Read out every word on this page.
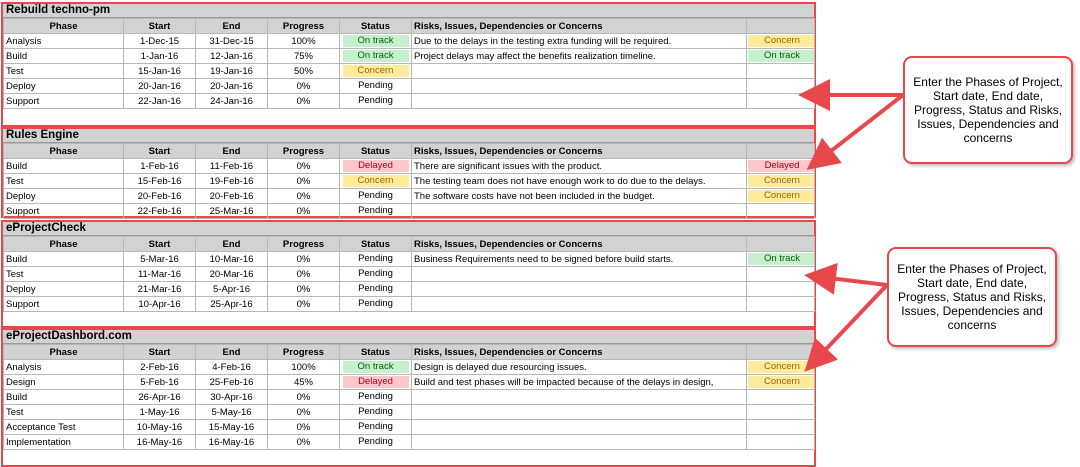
Rebuild techno-pm
Phase	Start	End	Progress	Status	Risks, Issues, Dependencies or Concerns	
Analysis	1-Dec-15	31-Dec-15	100%	On track	Due to the delays in the testing extra funding will be required.	Concern
Build	1-Jan-16	12-Jan-16	75%	On track	Project delays may affect the benefits realization timeline.	On track
Test	15-Jan-16	19-Jan-16	50%	Concern		
Deploy	20-Jan-16	20-Jan-16	0%	Pending		
Support	22-Jan-16	24-Jan-16	0%	Pending		
Rules Engine
Phase	Start	End	Progress	Status	Risks, Issues, Dependencies or Concerns	
Build	1-Feb-16	11-Feb-16	0%	Delayed	There are significant issues with the product.	Delayed
Test	15-Feb-16	19-Feb-16	0%	Concern	The testing team does not have enough work to do due to the delays.	Concern
Deploy	20-Feb-16	20-Feb-16	0%	Pending	The software costs have not been included in the budget.	Concern
Support	22-Feb-16	25-Mar-16	0%	Pending		
eProjectCheck
Phase	Start	End	Progress	Status	Risks, Issues, Dependencies or Concerns	
Build	5-Mar-16	10-Mar-16	0%	Pending	Business Requirements need to be signed before build starts.	On track
Test	11-Mar-16	20-Mar-16	0%	Pending		
Deploy	21-Mar-16	5-Apr-16	0%	Pending		
Support	10-Apr-16	25-Apr-16	0%	Pending		
eProjectDashbord.com
Phase	Start	End	Progress	Status	Risks, Issues, Dependencies or Concerns	
Analysis	2-Feb-16	4-Feb-16	100%	On track	Design is delayed due resourcing issues.	Concern
Design	5-Feb-16	25-Feb-16	45%	Delayed	Build and test phases will be impacted because of the delays in design,	Concern
Build	26-Apr-16	30-Apr-16	0%	Pending		
Test	1-May-16	5-May-16	0%	Pending		
Acceptance Test	10-May-16	15-May-16	0%	Pending		
Implementation	16-May-16	16-May-16	0%	Pending		
Enter the Phases of Project, Start date, End date, Progress, Status and Risks, Issues, Dependencies and concerns
Enter the Phases of Project, Start date, End date, Progress, Status and Risks, Issues, Dependencies and concerns
